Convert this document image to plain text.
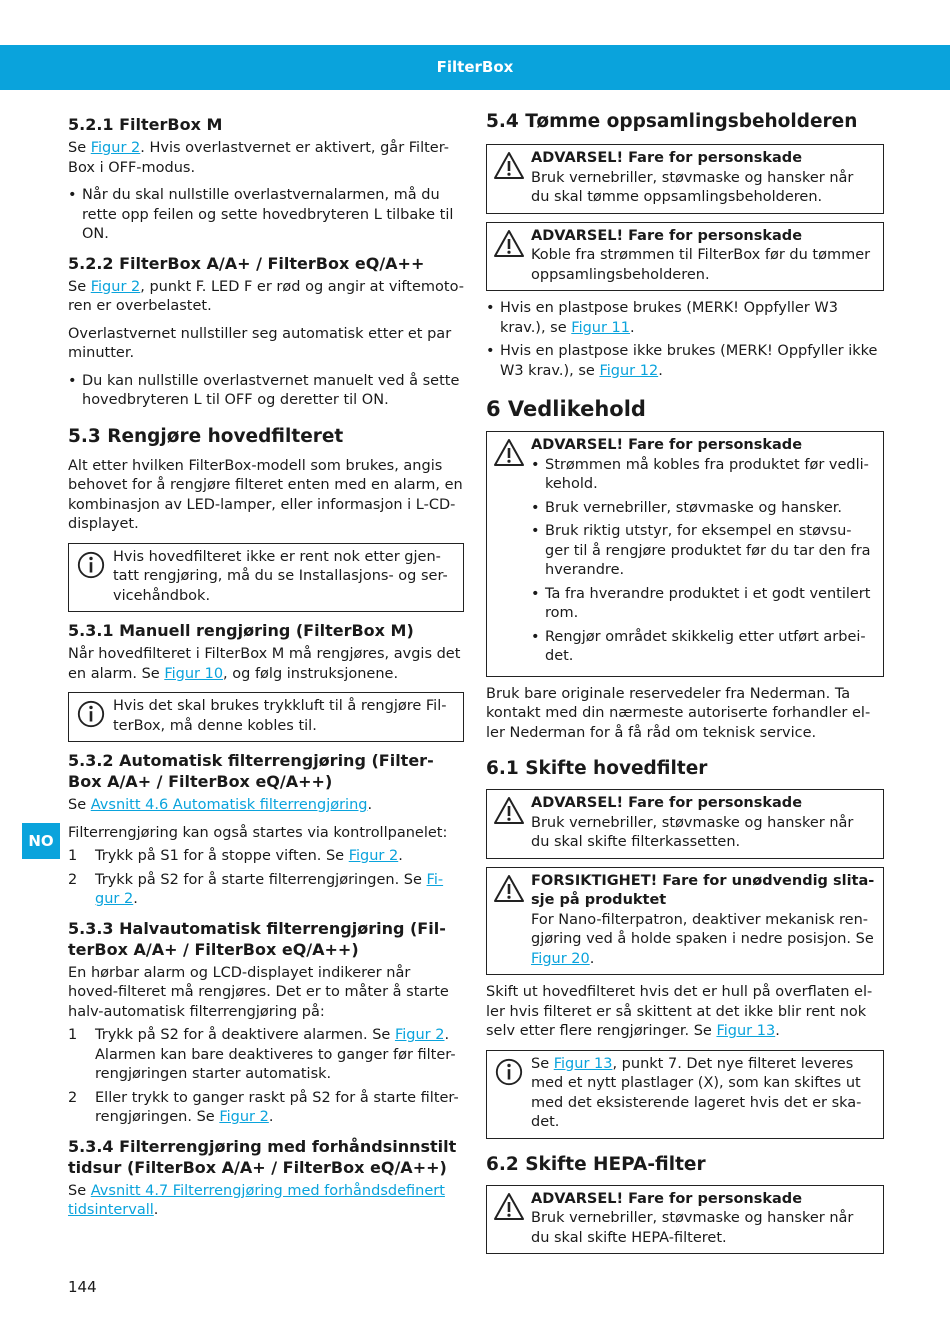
FilterBox
NO
5.2.1 FilterBox M

Se Figur 2. Hvis overlastvernet er aktivert, går Filter-Box i OFF-modus.

• Når du skal nullstille overlastvernalarmen, må du rette opp feilen og sette hovedbryteren L tilbake til ON.
5.2.2 FilterBox A/A+ / FilterBox eQ/A++

Se Figur 2, punkt F. LED F er rød og angir at viftemoto-ren er overbelastet.

Overlastvernet nullstiller seg automatisk etter et par minutter.

• Du kan nullstille overlastvernet manuelt ved å sette hovedbryteren L til OFF og deretter til ON.
5.3 Rengjøre hovedfilteret

Alt etter hvilken FilterBox-modell som brukes, angis behovet for å rengjøre filteret enten med en alarm, en kombinasjon av LED-lamper, eller informasjon i L-CD-displayet.

Hvis hovedfilteret ikke er rent nok etter gjen-tatt rengjøring, må du se Installasjons- og ser-vicehåndbok.
5.3.1 Manuell rengjøring (FilterBox M)

Når hovedfilteret i FilterBox M må rengjøres, avgis det en alarm. Se Figur 10, og følg instruksjonene.

Hvis det skal brukes trykkluft til å rengjøre Fil-terBox, må denne kobles til.
5.3.2 Automatisk filterrengjøring (Filter-Box A/A+ / FilterBox eQ/A++)

Se Avsnitt 4.6 Automatisk filterrengjøring.

Filterrengjøring kan også startes via kontrollpanelet:

1 Trykk på S1 for å stoppe viften. Se Figur 2.
2 Trykk på S2 for å starte filterrengjøringen. Se Fi-gur 2.
5.3.3 Halvautomatisk filterrengjøring (Fil-terBox A/A+ / FilterBox eQ/A++)

En hørbar alarm og LCD-displayet indikerer når hoved-filteret må rengjøres. Det er to måter å starte halv-automatisk filterrengjøring på:

1 Trykk på S2 for å deaktivere alarmen. Se Figur 2. Alarmen kan bare deaktiveres to ganger før filter-rengjøringen starter automatisk.
2 Eller trykk to ganger raskt på S2 for å starte filter-rengjøringen. Se Figur 2.
5.3.4 Filterrengjøring med forhåndsinnstilt tidsur (FilterBox A/A+ / FilterBox eQ/A++)

Se Avsnitt 4.7 Filterrengjøring med forhåndsdefinert tidsintervall.

5.4 Tømme oppsamlingsbeholderen
ADVARSEL! Fare for personskade
Bruk vernebriller, støvmaske og hansker når du skal tømme oppsamlingsbeholderen.
ADVARSEL! Fare for personskade
Koble fra strømmen til FilterBox før du tømmer oppsamlingsbeholderen.
• Hvis en plastpose brukes (MERK! Oppfyller W3 krav.), se Figur 11.
• Hvis en plastpose ikke brukes (MERK! Oppfyller ikke W3 krav.), se Figur 12.
6 Vedlikehold
ADVARSEL! Fare for personskade
• Strømmen må kobles fra produktet før vedli-kehold.
• Bruk vernebriller, støvmaske og hansker.
• Bruk riktig utstyr, for eksempel en støvsu-ger til å rengjøre produktet før du tar den fra hverandre.
• Ta fra hverandre produktet i et godt ventilert rom.
• Rengjør området skikkelig etter utført arbei-det.

Bruk bare originale reservedeler fra Nederman. Ta kontakt med din nærmeste autoriserte forhandler el-ler Nederman for å få råd om teknisk service.

6.1 Skifte hovedfilter
ADVARSEL! Fare for personskade
Bruk vernebriller, støvmaske og hansker når du skal skifte filterkassetten.
FORSIKTIGHET! Fare for unødvendig slita-sje på produktet
For Nano-filterpatron, deaktiver mekanisk ren-gjøring ved å holde spaken i nedre posisjon. Se Figur 20.

Skift ut hovedfilteret hvis det er hull på overflaten el-ler hvis filteret er så skittent at det ikke blir rent nok selv etter flere rengjøringer. Se Figur 13.

Se Figur 13, punkt 7. Det nye filteret leveres med et nytt plastlager (X), som kan skiftes ut med det eksisterende lageret hvis det er ska-det.
6.2 Skifte HEPA-filter
ADVARSEL! Fare for personskade
Bruk vernebriller, støvmaske og hansker når du skal skifte HEPA-filteret.
144
